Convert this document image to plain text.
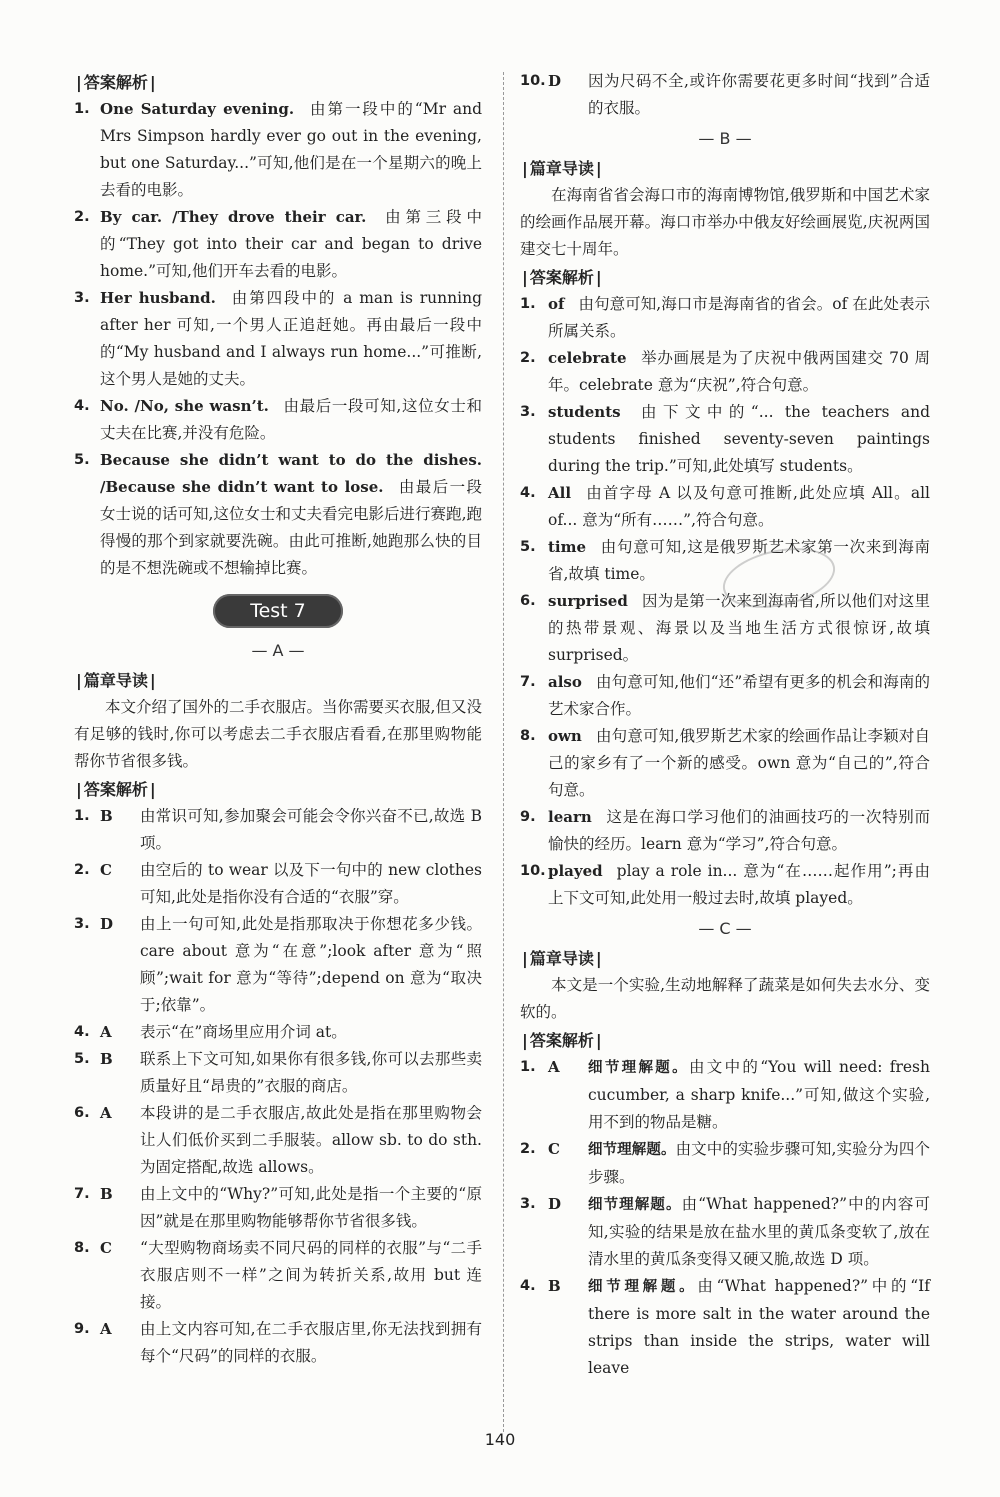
| 答案解析 |
1. One Saturday evening. 由第一段中的“Mr and Mrs Simpson hardly ever go out in the evening, but one Saturday...”可知,他们是在一个星期六的晚上去看的电影。
2. By car. /They drove their car. 由第三段中的“They got into their car and began to drive home.”可知,他们开车去看的电影。
3. Her husband. 由第四段中的 a man is running after her 可知,一个男人正追赶她。再由最后一段中的“My husband and I always run home...”可推断,这个男人是她的丈夫。
4. No. /No, she wasn’t. 由最后一段可知,这位女士和丈夫在比赛,并没有危险。
5. Because she didn’t want to do the dishes. /Because she didn’t want to lose. 由最后一段女士说的话可知,这位女士和丈夫看完电影后进行赛跑,跑得慢的那个到家就要洗碗。由此可推断,她跑那么快的目的是不想洗碗或不想输掉比赛。
Test 7
— A —
| 篇章导读 |

本文介绍了国外的二手衣服店。当你需要买衣服,但又没有足够的钱时,你可以考虑去二手衣服店看看,在那里购物能帮你节省很多钱。

| 答案解析 |
1. B	由常识可知,参加聚会可能会令你兴奋不已,故选 B 项。
2. C	由空后的 to wear 以及下一句中的 new clothes 可知,此处是指你没有合适的“衣服”穿。
3. D	由上一句可知,此处是指那取决于你想花多少钱。care about 意为“在意”;look after 意为“照顾”;wait for 意为“等待”;depend on 意为“取决于;依靠”。
4. A	表示“在”商场里应用介词 at。
5. B	联系上下文可知,如果你有很多钱,你可以去那些卖质量好且“昂贵的”衣服的商店。
6. A	本段讲的是二手衣服店,故此处是指在那里购物会让人们低价买到二手服装。allow sb. to do sth. 为固定搭配,故选 allows。
7. B	由上文中的“Why?”可知,此处是指一个主要的“原因”就是在那里购物能够帮你节省很多钱。
8. C	“大型购物商场卖不同尺码的同样的衣服”与“二手衣服店则不一样”之间为转折关系,故用 but 连接。
9. A	由上文内容可知,在二手衣服店里,你无法找到拥有每个“尺码”的同样的衣服。
10. D	因为尺码不全,或许你需要花更多时间“找到”合适的衣服。
— B —
| 篇章导读 |

在海南省省会海口市的海南博物馆,俄罗斯和中国艺术家的绘画作品展开幕。海口市举办中俄友好绘画展览,庆祝两国建交七十周年。

| 答案解析 |
1. of 由句意可知,海口市是海南省的省会。of 在此处表示所属关系。
2. celebrate 举办画展是为了庆祝中俄两国建交 70 周年。celebrate 意为“庆祝”,符合句意。
3. students 由下文中的“... the teachers and students finished seventy-seven paintings during the trip.”可知,此处填写 students。
4. All 由首字母 A 以及句意可推断,此处应填 All。all of... 意为“所有……”,符合句意。
5. time 由句意可知,这是俄罗斯艺术家第一次来到海南省,故填 time。
6. surprised 因为是第一次来到海南省,所以他们对这里的热带景观、海景以及当地生活方式很惊讶,故填 surprised。
7. also 由句意可知,他们“还”希望有更多的机会和海南的艺术家合作。
8. own 由句意可知,俄罗斯艺术家的绘画作品让李颖对自己的家乡有了一个新的感受。own 意为“自己的”,符合句意。
9. learn 这是在海口学习他们的油画技巧的一次特别而愉快的经历。learn 意为“学习”,符合句意。
10. played play a role in... 意为“在……起作用”;再由上下文可知,此处用一般过去时,故填 played。
— C —
| 篇章导读 |

本文是一个实验,生动地解释了蔬菜是如何失去水分、变软的。

| 答案解析 |
1. A	细节理解题。由文中的“You will need: fresh cucumber, a sharp knife...”可知,做这个实验,用不到的物品是糖。
2. C	细节理解题。由文中的实验步骤可知,实验分为四个步骤。
3. D	细节理解题。由“What happened?”中的内容可知,实验的结果是放在盐水里的黄瓜条变软了,放在清水里的黄瓜条变得又硬又脆,故选 D 项。
4. B	细节理解题。由“What happened?”中的“If there is more salt in the water around the strips than inside the strips, water will leave
140
